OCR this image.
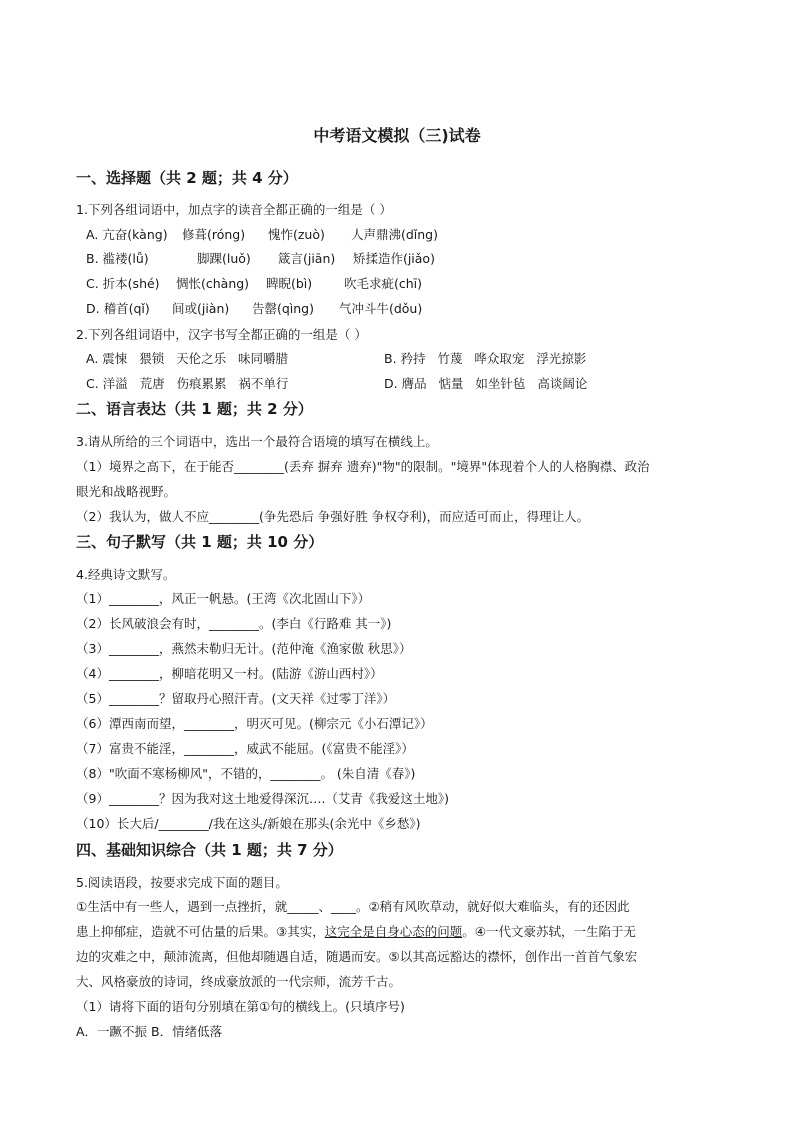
中考语文模拟（三)试卷
一、选择题（共 2 题；共 4 分）
1.下列各组词语中，加点字的读音全都正确的一组是（ ）
A. 亢奋(kàng) 修葺(róng) 愧怍(zuò) 人声鼎沸(dǐng)
B. 褴褛(lǚ)	脚踝(luǒ) 箴言(jiān) 矫揉造作(jiǎo)
C. 折本(shé) 惆怅(chàng) 睥睨(bì)	吹毛求疵(chī)
D. 稽首(qǐ) 间或(jiàn) 告罄(qìng) 气冲斗牛(dǒu)
2.下列各组词语中，汉字书写全都正确的一组是（ ）
A. 震悚   猥锁   天伦之乐   味同嚼腊	B. 矜持   竹蔑   哗众取宠   浮光掠影
C. 洋溢   荒唐   伤痕累累   祸不单行	D. 膺品   惦量   如坐针毡   高谈阔论
二、语言表达（共 1 题；共 2 分）
3.请从所给的三个词语中，选出一个最符合语境的填写在横线上。
（1）境界之高下，在于能否________(丢弃 摒弃 遗弃)"物"的限制。"境界"体现着个人的人格胸襟、政治
眼光和战略视野。
（2）我认为，做人不应________(争先恐后 争强好胜 争权夺利)，而应适可而止，得理让人。
三、句子默写（共 1 题；共 10 分）
4.经典诗文默写。
（1）________，风正一帆悬。(王湾《次北固山下》）
（2）长风破浪会有时，________。(李白《行路难 其一》)
（3）________，燕然未勒归无计。(范仲淹《渔家傲 秋思》）
（4）________，柳暗花明又一村。(陆游《游山西村》）
（5）________？留取丹心照汗青。(文天祥《过零丁洋》）
（6）潭西南而望，________，明灭可见。(柳宗元《小石潭记》）
（7）富贵不能淫，________，威武不能屈。(《富贵不能淫》）
（8）"吹面不寒杨柳风"，不错的，________。 (朱自清《春》)
（9）________？因为我对这土地爱得深沉….（艾青《我爱这土地》)
（10）长大后/________/我在这头/新娘在那头(余光中《乡愁》)
四、基础知识综合（共 1 题；共 7 分）
5.阅读语段，按要求完成下面的题目。
①生活中有一些人，遇到一点挫折，就_____、____。②稍有风吹草动，就好似大难临头，有的还因此
患上抑郁症，造就不可估量的后果。③其实，这完全是自身心态的问题。④一代文豪苏轼，一生陷于无
边的灾难之中，颠沛流离，但他却随遇自适，随遇而安。⑤以其高远豁达的襟怀，创作出一首首气象宏
大、风格豪放的诗词，终成豪放派的一代宗师，流芳千古。
（1）请将下面的语句分别填在第①句的横线上。(只填序号)
A．一蹶不振 B．情绪低落
